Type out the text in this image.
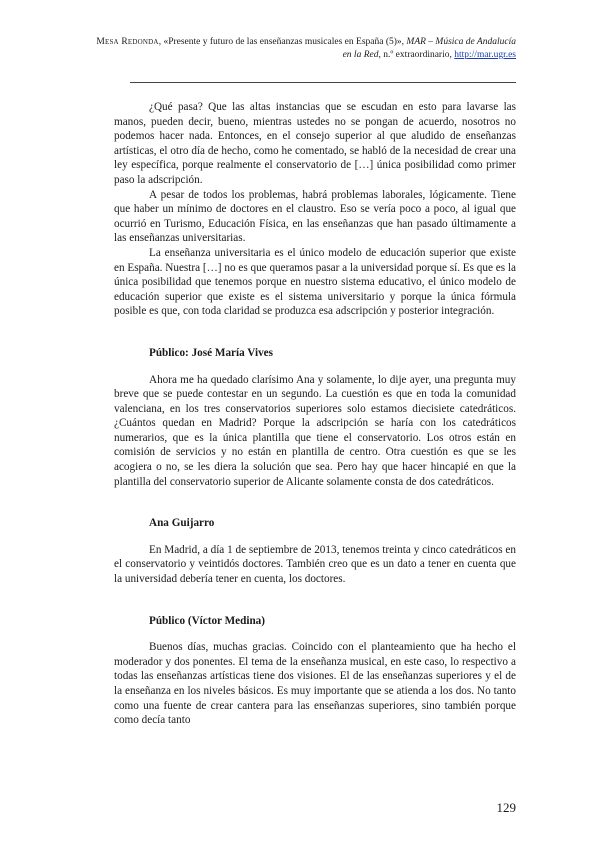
Mesa Redonda, «Presente y futuro de las enseñanzas musicales en España (5)», MAR – Música de Andalucía en la Red, n.º extraordinario, http://mar.ugr.es

¿Qué pasa? Que las altas instancias que se escudan en esto para lavarse las manos, pueden decir, bueno, mientras ustedes no se pongan de acuerdo, nosotros no podemos hacer nada. Entonces, en el consejo superior al que aludido de enseñanzas artísticas, el otro día de hecho, como he comentado, se habló de la necesidad de crear una ley específica, porque realmente el conservatorio de […] única posibilidad como primer paso la adscripción.

A pesar de todos los problemas, habrá problemas laborales, lógicamente. Tiene que haber un mínimo de doctores en el claustro. Eso se vería poco a poco, al igual que ocurrió en Turismo, Educación Física, en las enseñanzas que han pasado últimamente a las enseñanzas universitarias.

La enseñanza universitaria es el único modelo de educación superior que existe en España. Nuestra […] no es que queramos pasar a la universidad porque sí. Es que es la única posibilidad que tenemos porque en nuestro sistema educativo, el único modelo de educación superior que existe es el sistema universitario y porque la única fórmula posible es que, con toda claridad se produzca esa adscripción y posterior integración.

Público: José María Vives

Ahora me ha quedado clarísimo Ana y solamente, lo dije ayer, una pregunta muy breve que se puede contestar en un segundo. La cuestión es que en toda la comunidad valenciana, en los tres conservatorios superiores solo estamos diecisiete catedráticos. ¿Cuántos quedan en Madrid? Porque la adscripción se haría con los catedráticos numerarios, que es la única plantilla que tiene el conservatorio. Los otros están en comisión de servicios y no están en plantilla de centro. Otra cuestión es que se les acogiera o no, se les diera la solución que sea. Pero hay que hacer hincapié en que la plantilla del conservatorio superior de Alicante solamente consta de dos catedráticos.

Ana Guijarro

En Madrid, a día 1 de septiembre de 2013, tenemos treinta y cinco catedráticos en el conservatorio y veintidós doctores. También creo que es un dato a tener en cuenta que la universidad debería tener en cuenta, los doctores.

Público (Víctor Medina)

Buenos días, muchas gracias. Coincido con el planteamiento que ha hecho el moderador y dos ponentes. El tema de la enseñanza musical, en este caso, lo respectivo a todas las enseñanzas artísticas tiene dos visiones. El de las enseñanzas superiores y el de la enseñanza en los niveles básicos. Es muy importante que se atienda a los dos. No tanto como una fuente de crear cantera para las enseñanzas superiores, sino también porque como decía tanto

129
